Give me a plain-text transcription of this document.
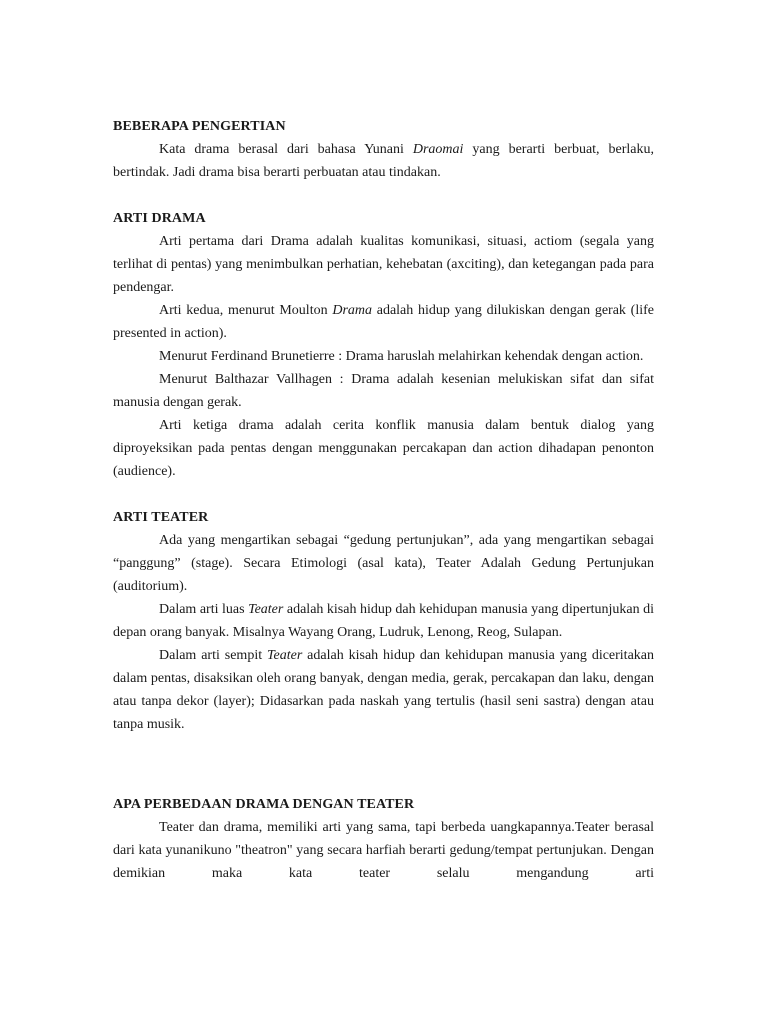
BEBERAPA PENGERTIAN

Kata drama berasal dari bahasa Yunani Draomai yang berarti berbuat, berlaku, bertindak. Jadi drama bisa berarti perbuatan atau tindakan.

ARTI DRAMA

Arti pertama dari Drama adalah kualitas komunikasi, situasi, actiom (segala yang terlihat di pentas) yang menimbulkan perhatian, kehebatan (axciting), dan ketegangan pada para pendengar.

Arti kedua, menurut Moulton Drama adalah hidup yang dilukiskan dengan gerak (life presented in action).

Menurut Ferdinand Brunetierre : Drama haruslah melahirkan kehendak dengan action.

Menurut Balthazar Vallhagen : Drama adalah kesenian melukiskan sifat dan sifat manusia dengan gerak.

Arti ketiga drama adalah cerita konflik manusia dalam bentuk dialog yang diproyeksikan pada pentas dengan menggunakan percakapan dan action dihadapan penonton (audience).

ARTI TEATER

Ada yang mengartikan sebagai “gedung pertunjukan”, ada yang mengartikan sebagai “panggung” (stage). Secara Etimologi (asal kata), Teater Adalah Gedung Pertunjukan (auditorium).

Dalam arti luas Teater adalah kisah hidup dah kehidupan manusia yang dipertunjukan di depan orang banyak. Misalnya Wayang Orang, Ludruk, Lenong, Reog, Sulapan.

Dalam arti sempit Teater adalah kisah hidup dan kehidupan manusia yang diceritakan dalam pentas, disaksikan oleh orang banyak, dengan media, gerak, percakapan dan laku, dengan atau tanpa dekor (layer); Didasarkan pada naskah yang tertulis (hasil seni sastra) dengan atau tanpa musik.

APA PERBEDAAN DRAMA DENGAN TEATER

Teater dan drama, memiliki arti yang sama, tapi berbeda uangkapannya.Teater berasal dari kata yunanikuno "theatron" yang secara harfiah berarti gedung/tempat pertunjukan. Dengan demikian maka kata teater selalu mengandung arti
